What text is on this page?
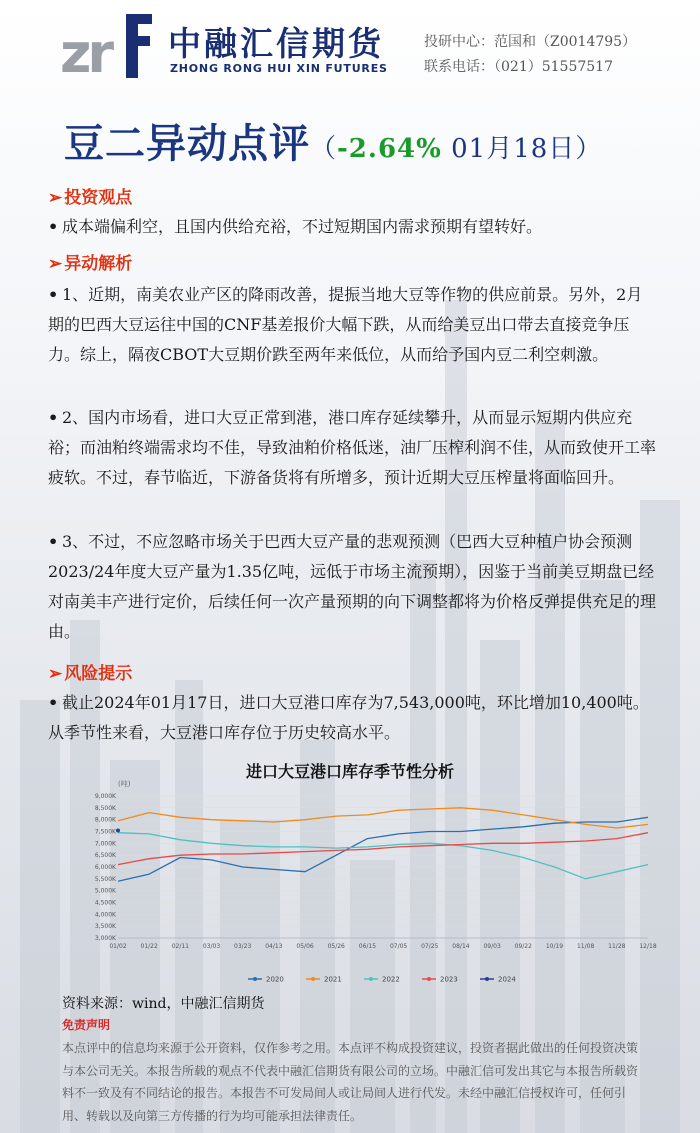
zr 中融汇信期货
ZHONG RONG HUI XIN FUTURES
投研中心：范国和（Z0014795）
联系电话：（021）51557517
豆二异动点评（-2.64% 01月18日）
➢ 投资观点
• 成本端偏利空，且国内供给充裕，不过短期国内需求预期有望转好。
➢ 异动解析
• 1、近期，南美农业产区的降雨改善，提振当地大豆等作物的供应前景。另外，2月期的巴西大豆运往中国的CNF基差报价大幅下跌，从而给美豆出口带去直接竞争压力。综上，隔夜CBOT大豆期价跌至两年来低位，从而给予国内豆二利空刺激。
• 2、国内市场看，进口大豆正常到港，港口库存延续攀升，从而显示短期内供应充裕；而油粕终端需求均不佳，导致油粕价格低迷，油厂压榨利润不佳，从而致使开工率疲软。不过，春节临近，下游备货将有所增多，预计近期大豆压榨量将面临回升。
• 3、不过，不应忽略市场关于巴西大豆产量的悲观预测（巴西大豆种植户协会预测2023/24年度大豆产量为1.35亿吨，远低于市场主流预期），因鉴于当前美豆期盘已经对南美丰产进行定价，后续任何一次产量预期的向下调整都将为价格反弹提供充足的理由。
➢ 风险提示
• 截止2024年01月17日，进口大豆港口库存为7,543,000吨，环比增加10,400吨。从季节性来看，大豆港口库存位于历史较高水平。
进口大豆港口库存季节性分析
(吨)
3,000K
3,500K
4,000K
4,500K
5,000K
5,500K
6,000K
6,500K
7,000K
7,500K
8,000K
8,500K
9,000K
01/02 01/22 02/11 03/03 03/23 04/13 05/06 05/26 06/15 07/05 07/25 08/14 09/03 09/22 10/19 11/08 11/28 12/18
2020	2021	2022	2023	2024
资料来源：wind，中融汇信期货
免责声明
本点评中的信息均来源于公开资料，仅作参考之用。本点评不构成投资建议，投资者据此做出的任何投资决策与本公司无关。本报告所载的观点不代表中融汇信期货有限公司的立场。中融汇信可发出其它与本报告所载资料不一致及有不同结论的报告。本报告不可发局间人或让局间人进行代发。未经中融汇信授权许可，任何引用、转载以及向第三方传播的行为均可能承担法律责任。
